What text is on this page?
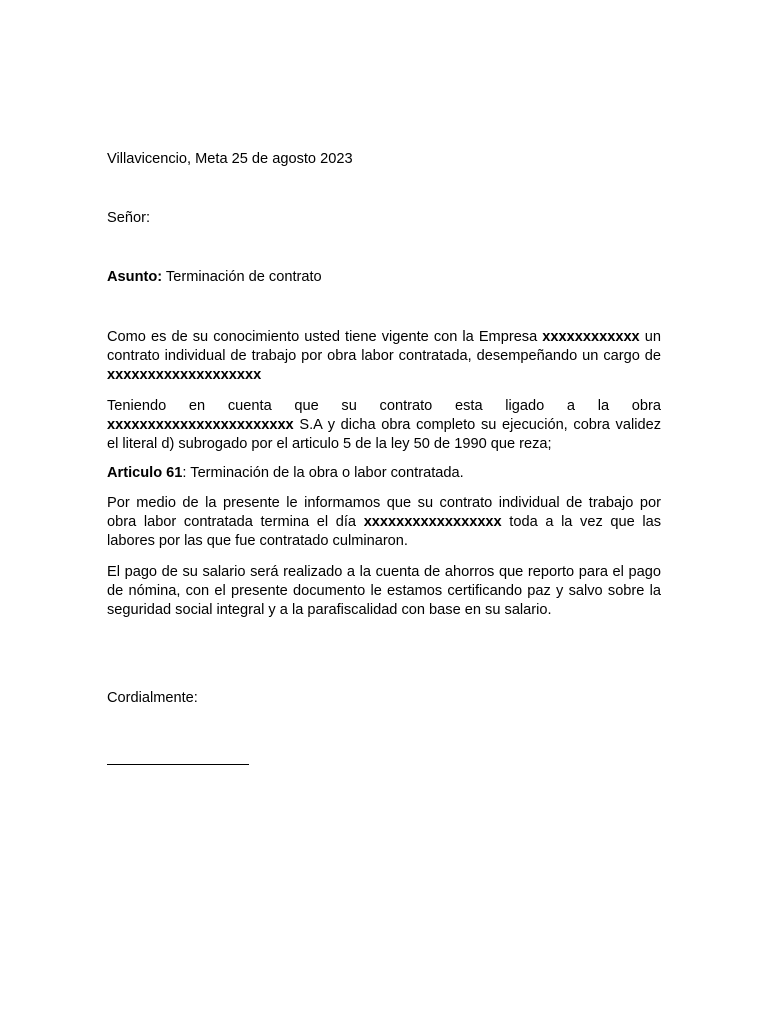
Villavicencio, Meta 25 de agosto 2023

Señor:

Asunto: Terminación de contrato

Como es de su conocimiento usted tiene vigente con la Empresa xxxxxxxxxxxx un contrato individual de trabajo por obra labor contratada, desempeñando un cargo de xxxxxxxxxxxxxxxxxxx

Teniendo en cuenta que su contrato esta ligado a la obra xxxxxxxxxxxxxxxxxxxxxxx S.A y dicha obra completo su ejecución, cobra validez el literal d) subrogado por el articulo 5 de la ley 50 de 1990 que reza;

Articulo 61: Terminación de la obra o labor contratada.

Por medio de la presente le informamos que su contrato individual de trabajo por obra labor contratada termina el día xxxxxxxxxxxxxxxxx toda a la vez que las labores por las que fue contratado culminaron.

El pago de su salario será realizado a la cuenta de ahorros que reporto para el pago de nómina, con el presente documento le estamos certificando paz y salvo sobre la seguridad social integral y a la parafiscalidad con base en su salario.

Cordialmente:
